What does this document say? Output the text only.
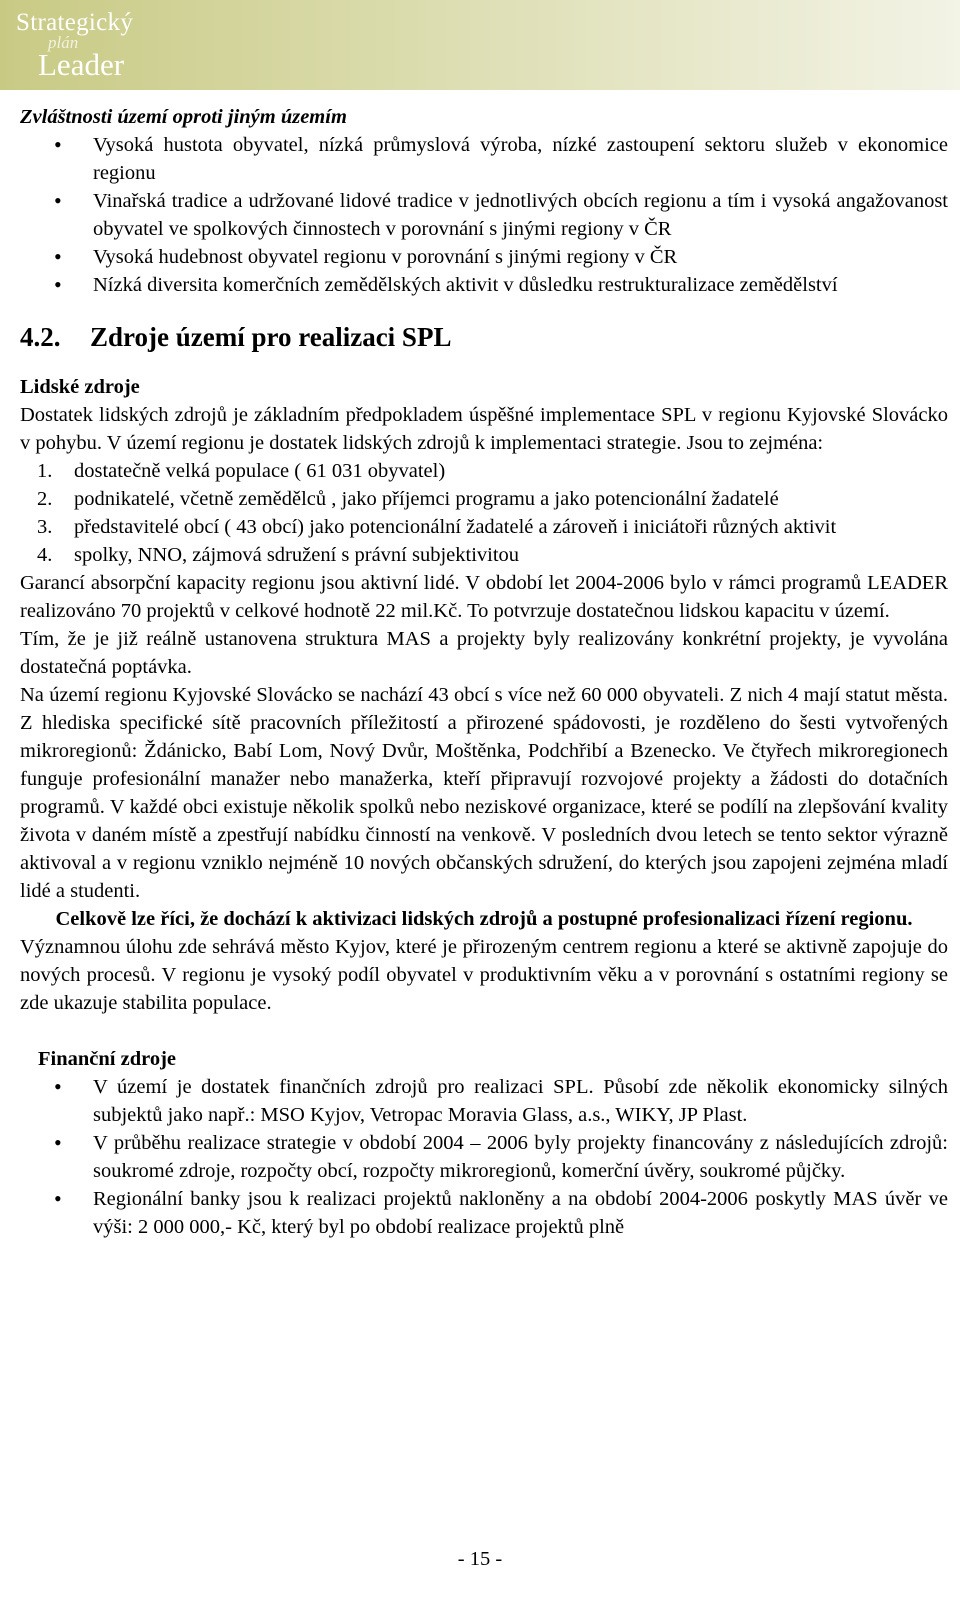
Strategický
plán
Leader

Zvláštnosti území oproti jiným územím

• Vysoká hustota obyvatel, nízká průmyslová výroba, nízké zastoupení sektoru služeb v ekonomice regionu
• Vinařská tradice a udržované lidové tradice v jednotlivých obcích regionu a tím i vysoká angažovanost obyvatel ve spolkových činnostech v porovnání s jinými regiony v ČR
• Vysoká hudebnost obyvatel regionu v porovnání s jinými regiony v ČR
• Nízká diversita komerčních zemědělských aktivit v důsledku restrukturalizace zemědělství
4.2. Zdroje území pro realizaci SPL

Lidské zdroje

Dostatek lidských zdrojů je základním předpokladem úspěšné implementace SPL v regionu Kyjovské Slovácko v pohybu. V území regionu je dostatek lidských zdrojů k implementaci strategie. Jsou to zejména:

1. dostatečně velká populace ( 61 031 obyvatel)
2. podnikatelé, včetně zemědělců , jako příjemci programu a jako potencionální žadatelé
3. představitelé obcí ( 43 obcí) jako potencionální žadatelé a zároveň i iniciátoři různých aktivit
4. spolky, NNO, zájmová sdružení s právní subjektivitou

Garancí absorpční kapacity regionu jsou aktivní lidé. V období let 2004-2006 bylo v rámci programů LEADER realizováno 70 projektů v celkové hodnotě 22 mil.Kč. To potvrzuje dostatečnou lidskou kapacitu v území.

Tím, že je již reálně ustanovena struktura MAS a projekty byly realizovány konkrétní projekty, je vyvolána dostatečná poptávka.

Na území regionu Kyjovské Slovácko se nachází 43 obcí s více než 60 000 obyvateli. Z nich 4 mají statut města. Z hlediska specifické sítě pracovních příležitostí a přirozené spádovosti, je rozděleno do šesti vytvořených mikroregionů: Ždánicko, Babí Lom, Nový Dvůr, Moštěnka, Podchřibí a Bzenecko. Ve čtyřech mikroregionech funguje profesionální manažer nebo manažerka, kteří připravují rozvojové projekty a žádosti do dotačních programů. V každé obci existuje několik spolků nebo neziskové organizace, které se podílí na zlepšování kvality života v daném místě a zpestřují nabídku činností na venkově. V posledních dvou letech se tento sektor výrazně aktivoval a v regionu vzniklo nejméně 10 nových občanských sdružení, do kterých jsou zapojeni zejména mladí lidé a studenti.

Celkově lze říci, že dochází k aktivizaci lidských zdrojů a postupné profesionalizaci řízení regionu.

Významnou úlohu zde sehrává město Kyjov, které je přirozeným centrem regionu a které se aktivně zapojuje do nových procesů. V regionu je vysoký podíl obyvatel v produktivním věku a v porovnání s ostatními regiony se zde ukazuje stabilita populace.

Finanční zdroje

• V území je dostatek finančních zdrojů pro realizaci SPL. Působí zde několik ekonomicky silných subjektů jako např.: MSO Kyjov, Vetropac Moravia Glass, a.s., WIKY, JP Plast.
• V průběhu realizace strategie v období 2004 – 2006 byly projekty financovány z následujících zdrojů: soukromé zdroje, rozpočty obcí, rozpočty mikroregionů, komerční úvěry, soukromé půjčky.
• Regionální banky jsou k realizaci projektů nakloněny a na období 2004-2006 poskytly MAS úvěr ve výši: 2 000 000,- Kč, který byl po období realizace projektů plně
- 15 -
